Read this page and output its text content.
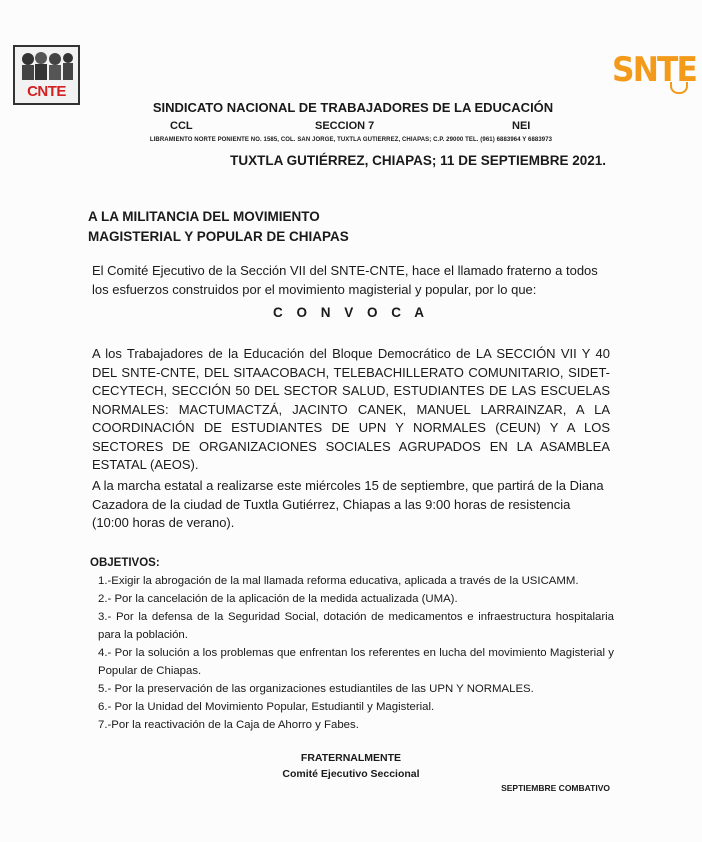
CNTE
SNTE
SINDICATO NACIONAL DE TRABAJADORES DE LA EDUCACIÓN
CCL	SECCION 7	NEI
LIBRAMIENTO NORTE PONIENTE NO. 1585, COL. SAN JORGE, TUXTLA GUTIERREZ, CHIAPAS; C.P. 29000 TEL. (961) 6883964 Y 6883973
TUXTLA GUTIÉRREZ, CHIAPAS; 11 DE SEPTIEMBRE 2021.
A LA MILITANCIA DEL MOVIMIENTO
MAGISTERIAL Y POPULAR DE CHIAPAS
El Comité Ejecutivo de la Sección VII del SNTE-CNTE, hace el llamado fraterno a todos los esfuerzos construidos por el movimiento magisterial y popular, por lo que:
C O N V O C A
A los Trabajadores de la Educación del Bloque Democrático de LA SECCIÓN VII Y 40 DEL SNTE-CNTE, DEL SITAACOBACH, TELEBACHILLERATO COMUNITARIO, SIDET-CECYTECH, SECCIÓN 50 DEL SECTOR SALUD, ESTUDIANTES DE LAS ESCUELAS NORMALES: MACTUMACTZÁ, JACINTO CANEK, MANUEL LARRAINZAR, A LA COORDINACIÓN DE ESTUDIANTES DE UPN Y NORMALES (CEUN) Y A LOS SECTORES DE ORGANIZACIONES SOCIALES AGRUPADOS EN LA ASAMBLEA ESTATAL (AEOS).
A la marcha estatal a realizarse este miércoles 15 de septiembre, que partirá de la Diana Cazadora de la ciudad de Tuxtla Gutiérrez, Chiapas a las 9:00 horas de resistencia (10:00 horas de verano).
OBJETIVOS:
1.-Exigir la abrogación de la mal llamada reforma educativa, aplicada a través de la USICAMM.
2.- Por la cancelación de la aplicación de la medida actualizada (UMA).
3.- Por la defensa de la Seguridad Social, dotación de medicamentos e infraestructura hospitalaria para la población.
4.- Por la solución a los problemas que enfrentan los referentes en lucha del movimiento Magisterial y Popular de Chiapas.
5.- Por la preservación de las organizaciones estudiantiles de las UPN Y NORMALES.
6.- Por la Unidad del Movimiento Popular, Estudiantil y Magisterial.
7.-Por la reactivación de la Caja de Ahorro y Fabes.
FRATERNALMENTE
Comité Ejecutivo Seccional
SEPTIEMBRE COMBATIVO
